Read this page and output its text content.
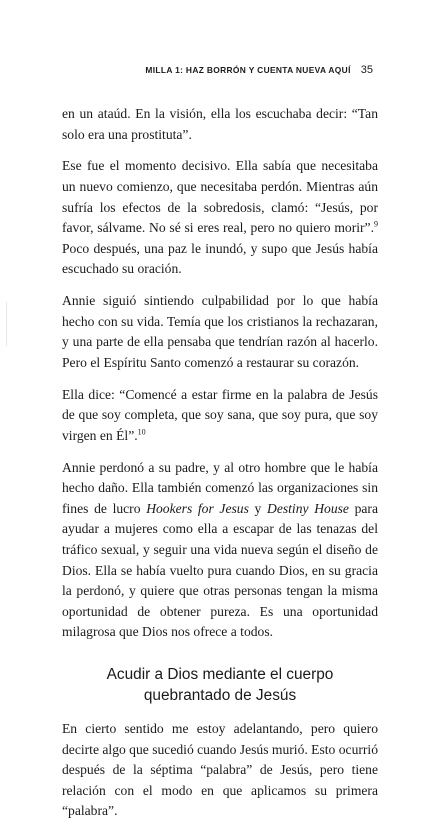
MILLA 1: HAZ BORRÓN Y CUENTA NUEVA AQUÍ 35

en un ataúd. En la visión, ella los escuchaba decir: “Tan solo era una prostituta”.

Ese fue el momento decisivo. Ella sabía que necesitaba un nuevo comienzo, que necesitaba perdón. Mientras aún sufría los efectos de la sobredosis, clamó: “Jesús, por favor, sálvame. No sé si eres real, pero no quiero morir”.$^9$ Poco después, una paz le inundó, y supo que Jesús había escuchado su oración.

Annie siguió sintiendo culpabilidad por lo que había hecho con su vida. Temía que los cristianos la rechazaran, y una parte de ella pensaba que tendrían razón al hacerlo. Pero el Espíritu Santo comenzó a restaurar su corazón.

Ella dice: “Comencé a estar firme en la palabra de Jesús de que soy completa, que soy sana, que soy pura, que soy virgen en Él”.$^{10}$

Annie perdonó a su padre, y al otro hombre que le había hecho daño. Ella también comenzó las organizaciones sin fines de lucro Hookers for Jesus y Destiny House para ayudar a mujeres como ella a escapar de las tenazas del tráfico sexual, y seguir una vida nueva según el diseño de Dios. Ella se había vuelto pura cuando Dios, en su gracia la perdonó, y quiere que otras personas tengan la misma oportunidad de obtener pureza. Es una oportunidad milagrosa que Dios nos ofrece a todos.

Acudir a Dios mediante el cuerpo quebrantado de Jesús

En cierto sentido me estoy adelantando, pero quiero decirte algo que sucedió cuando Jesús murió. Esto ocurrió después de la séptima “palabra” de Jesús, pero tiene relación con el modo en que aplicamos su primera “palabra”.
